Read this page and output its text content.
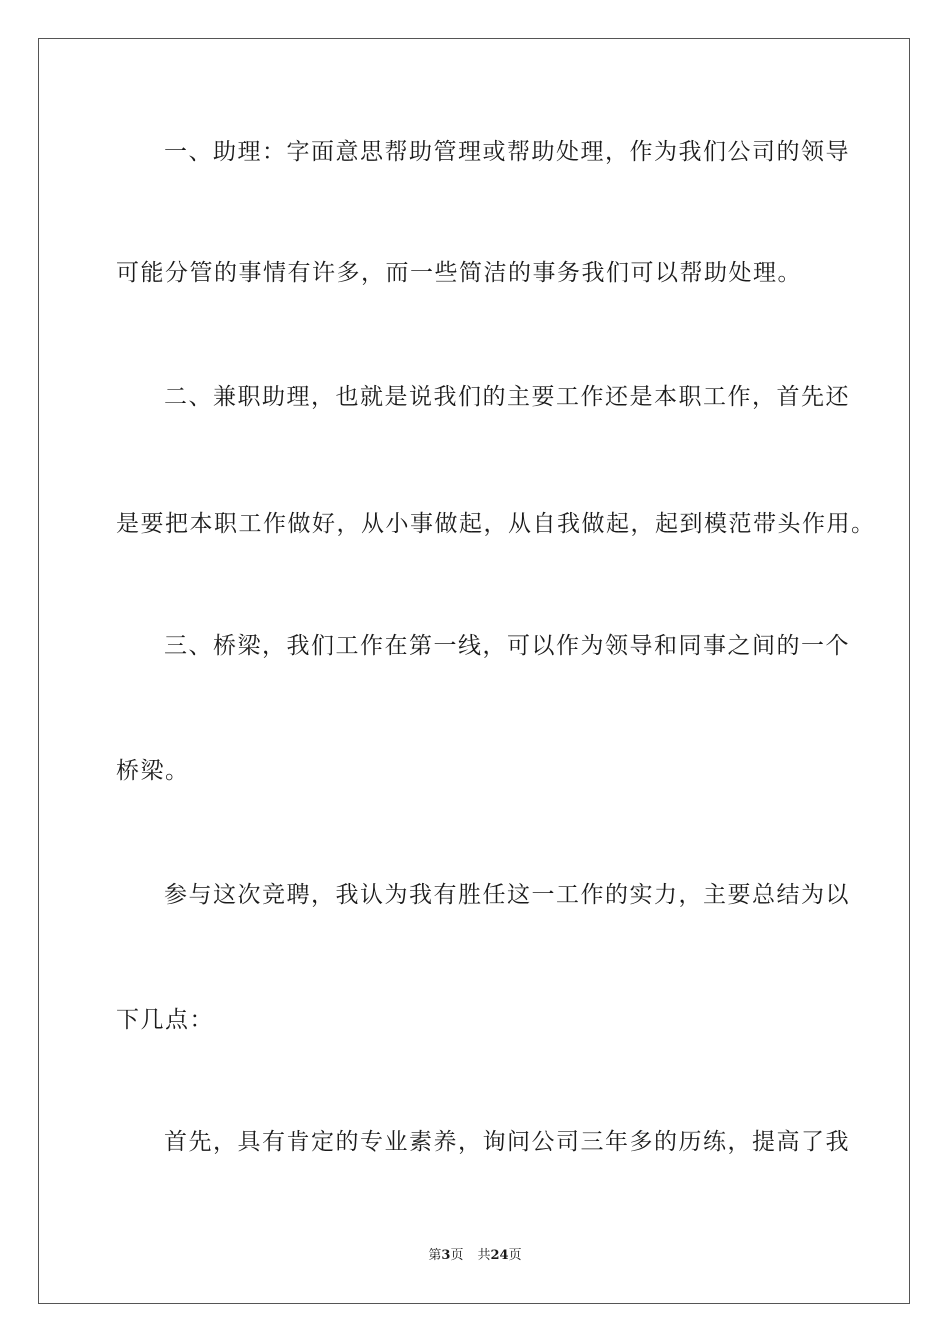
一、助理：字面意思帮助管理或帮助处理，作为我们公司的领导
可能分管的事情有许多，而一些简洁的事务我们可以帮助处理。
二、兼职助理，也就是说我们的主要工作还是本职工作，首先还
是要把本职工作做好，从小事做起，从自我做起，起到模范带头作用。
三、桥梁，我们工作在第一线，可以作为领导和同事之间的一个
桥梁。
参与这次竞聘，我认为我有胜任这一工作的实力，主要总结为以
下几点：
首先，具有肯定的专业素养，询问公司三年多的历练，提高了我
第3页 共24页
